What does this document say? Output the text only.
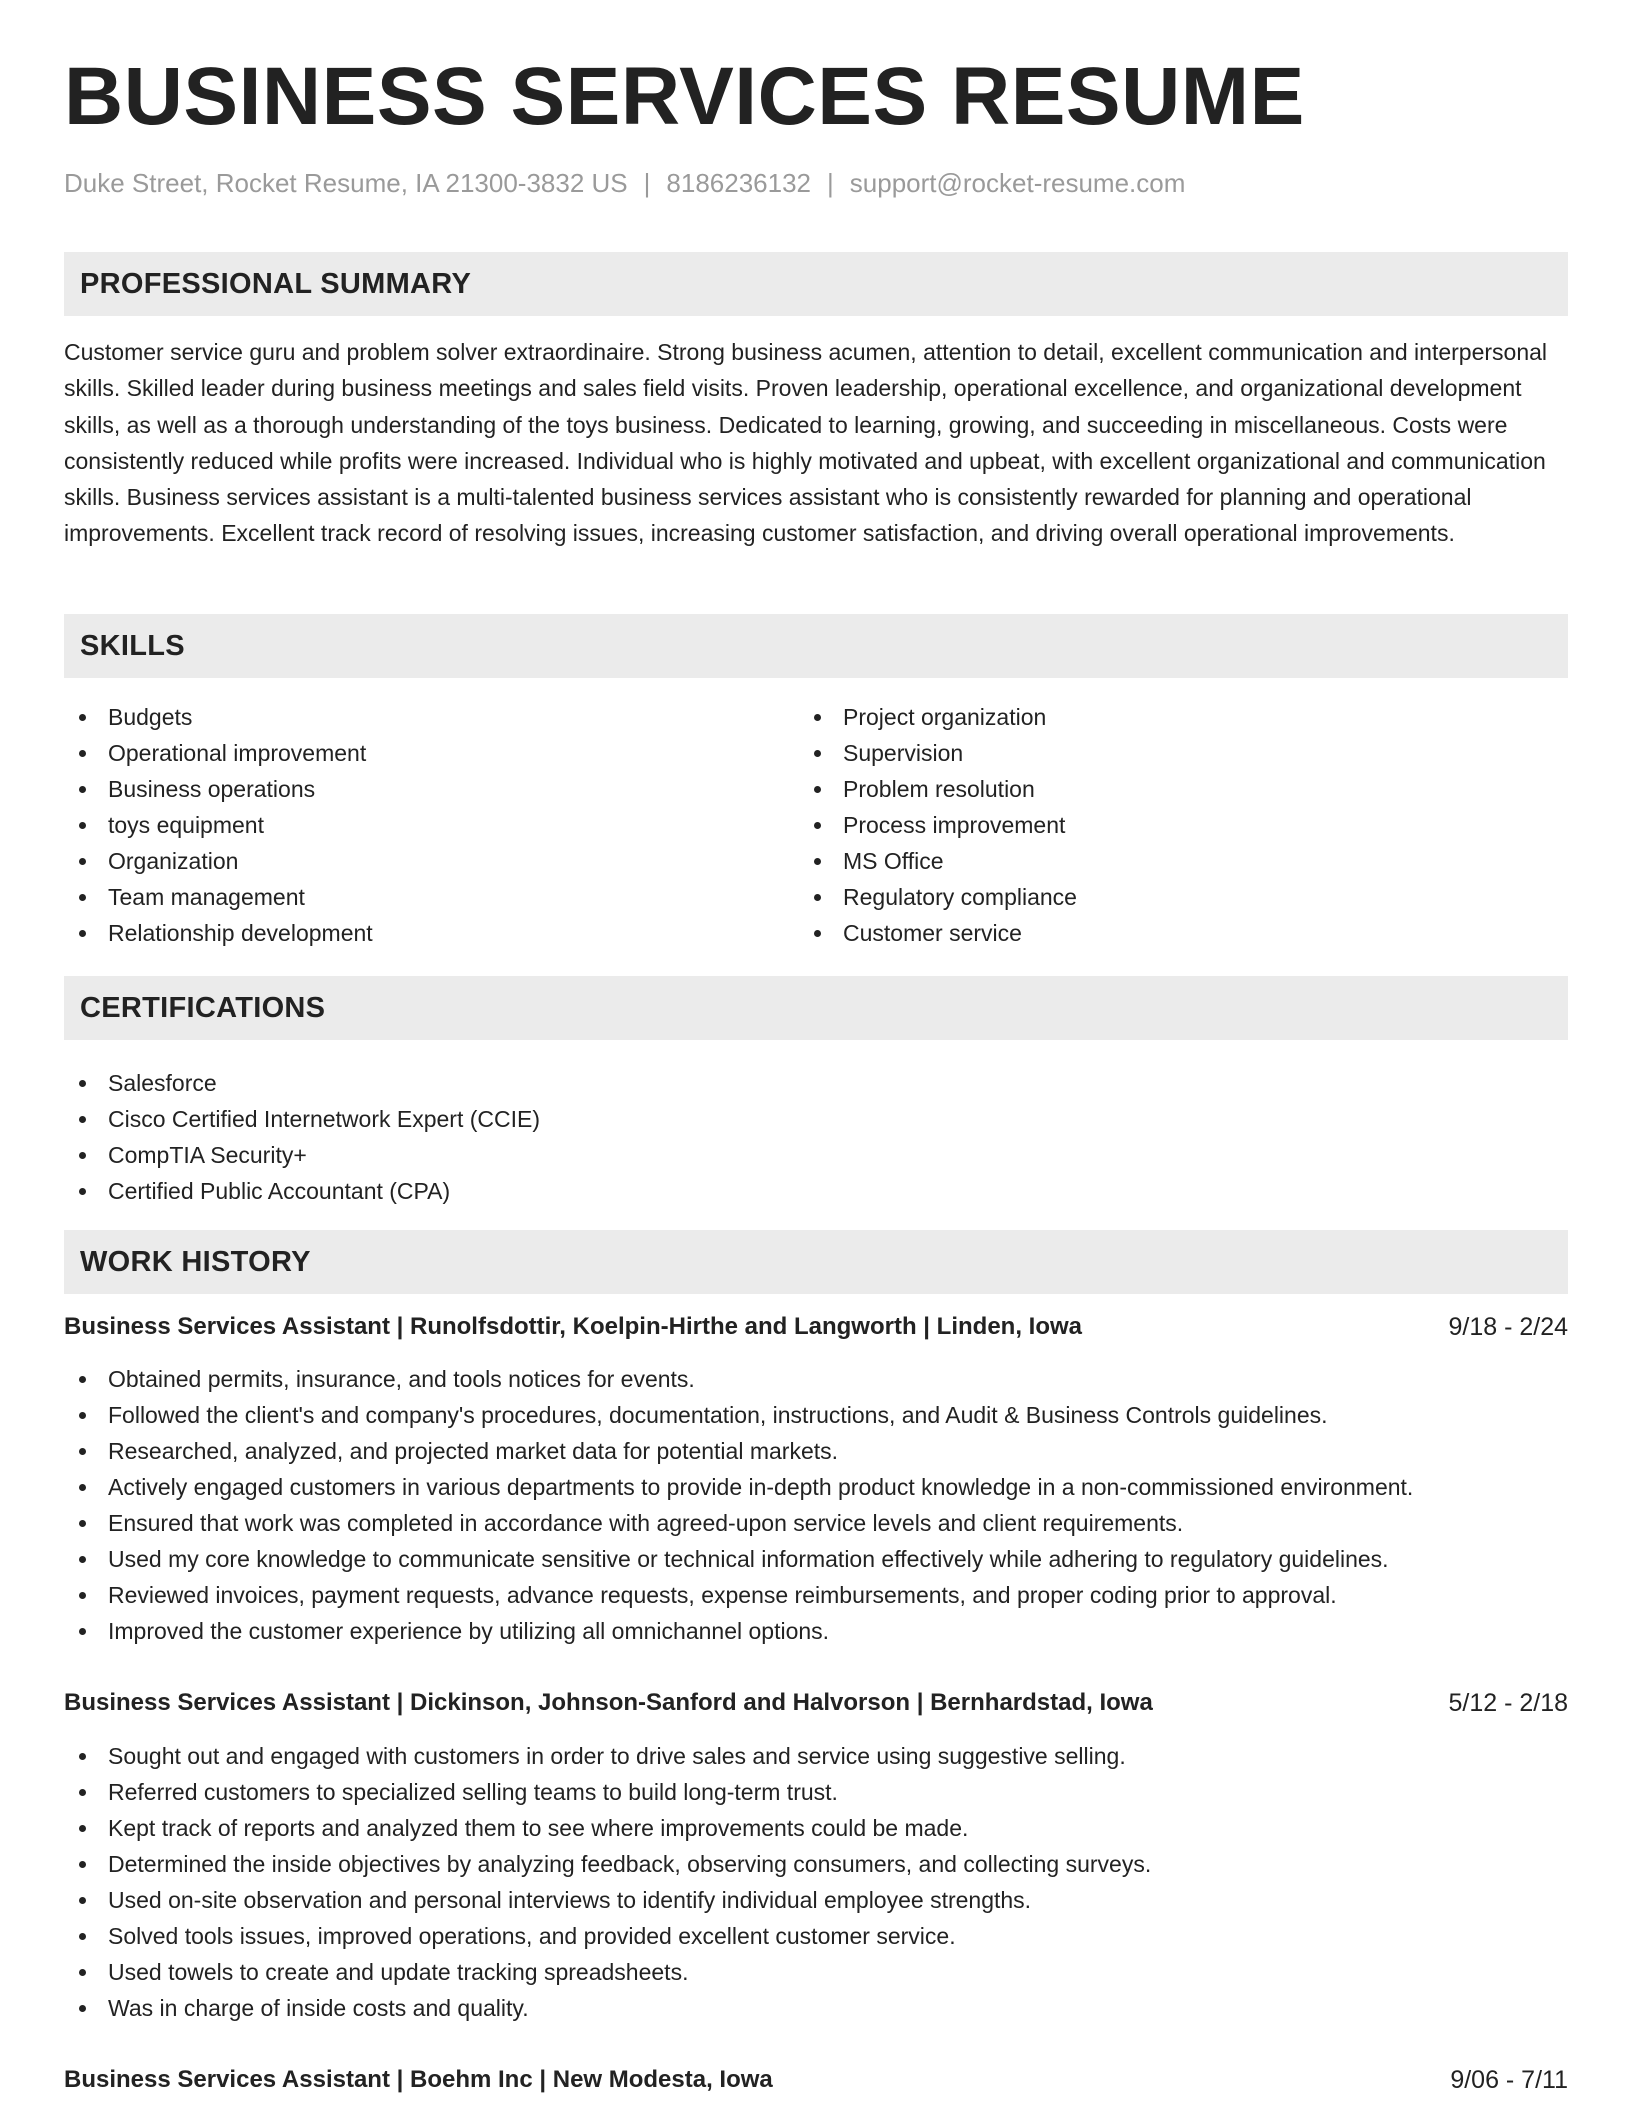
BUSINESS SERVICES RESUME
Duke Street, Rocket Resume, IA 21300-3832 US | 8186236132 | support@rocket-resume.com
PROFESSIONAL SUMMARY

Customer service guru and problem solver extraordinaire. Strong business acumen, attention to detail, excellent communication and interpersonal skills. Skilled leader during business meetings and sales field visits. Proven leadership, operational excellence, and organizational development skills, as well as a thorough understanding of the toys business. Dedicated to learning, growing, and succeeding in miscellaneous. Costs were consistently reduced while profits were increased. Individual who is highly motivated and upbeat, with excellent organizational and communication skills. Business services assistant is a multi-talented business services assistant who is consistently rewarded for planning and operational improvements. Excellent track record of resolving issues, increasing customer satisfaction, and driving overall operational improvements.

SKILLS
Budgets
Operational improvement
Business operations
toys equipment
Organization
Team management
Relationship development
Project organization
Supervision
Problem resolution
Process improvement
MS Office
Regulatory compliance
Customer service
CERTIFICATIONS
Salesforce
Cisco Certified Internetwork Expert (CCIE)
CompTIA Security+
Certified Public Accountant (CPA)
WORK HISTORY
Business Services Assistant | Runolfsdottir, Koelpin-Hirthe and Langworth | Linden, Iowa	9/18 - 2/24
Obtained permits, insurance, and tools notices for events.
Followed the client's and company's procedures, documentation, instructions, and Audit & Business Controls guidelines.
Researched, analyzed, and projected market data for potential markets.
Actively engaged customers in various departments to provide in-depth product knowledge in a non-commissioned environment.
Ensured that work was completed in accordance with agreed-upon service levels and client requirements.
Used my core knowledge to communicate sensitive or technical information effectively while adhering to regulatory guidelines.
Reviewed invoices, payment requests, advance requests, expense reimbursements, and proper coding prior to approval.
Improved the customer experience by utilizing all omnichannel options.
Business Services Assistant | Dickinson, Johnson-Sanford and Halvorson | Bernhardstad, Iowa	5/12 - 2/18
Sought out and engaged with customers in order to drive sales and service using suggestive selling.
Referred customers to specialized selling teams to build long-term trust.
Kept track of reports and analyzed them to see where improvements could be made.
Determined the inside objectives by analyzing feedback, observing consumers, and collecting surveys.
Used on-site observation and personal interviews to identify individual employee strengths.
Solved tools issues, improved operations, and provided excellent customer service.
Used towels to create and update tracking spreadsheets.
Was in charge of inside costs and quality.
Business Services Assistant | Boehm Inc | New Modesta, Iowa	9/06 - 7/11
